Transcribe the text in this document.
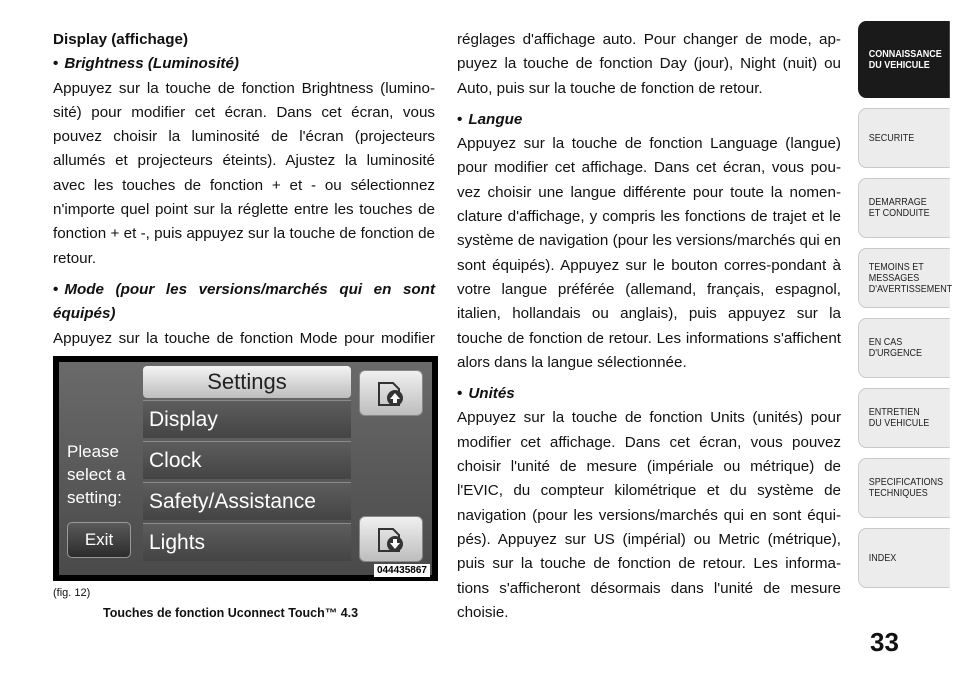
Display (affichage)

• Brightness (Luminosité)

Appuyez sur la touche de fonction Brightness (lumino-sité) pour modifier cet écran. Dans cet écran, vous pouvez choisir la luminosité de l'écran (projecteurs allumés et projecteurs éteints). Ajustez la luminosité avec les touches de fonction + et - ou sélectionnez n'importe quel point sur la réglette entre les touches de fonction + et -, puis appuyez sur la touche de fonction de retour.

• Mode (pour les versions/marchés qui en sont équipés)

Appuyez sur la touche de fonction Mode pour modifier

réglages d'affichage auto. Pour changer de mode, ap-puyez la touche de fonction Day (jour), Night (nuit) ou Auto, puis sur la touche de fonction de retour.

• Langue

Appuyez sur la touche de fonction Language (langue) pour modifier cet affichage. Dans cet écran, vous pou-vez choisir une langue différente pour toute la nomen-clature d'affichage, y compris les fonctions de trajet et le système de navigation (pour les versions/marchés qui en sont équipés). Appuyez sur le bouton corres-pondant à votre langue préférée (allemand, français, espagnol, italien, hollandais ou anglais), puis appuyez sur la touche de fonction de retour. Les informations s'affichent alors dans la langue sélectionnée.

• Unités

Appuyez sur la touche de fonction Units (unités) pour modifier cet affichage. Dans cet écran, vous pouvez choisir l'unité de mesure (impériale ou métrique) de l'EVIC, du compteur kilométrique et du système de navigation (pour les versions/marchés qui en sont équi-pés). Appuyez sur US (impérial) ou Metric (métrique), puis sur la touche de fonction de retour. Les informa-tions s'afficheront désormais dans l'unité de mesure choisie.

Settings
Display
Clock
Safety/Assistance
Lights
Please select a setting:
Exit
044435867
(fig. 12)
Touches de fonction Uconnect Touch™ 4.3
CONNAISSANCE
DU VEHICULE
SECURITE
DEMARRAGE
ET CONDUITE
TEMOINS ET
MESSAGES
D'AVERTISSEMENT
EN CAS
D'URGENCE
ENTRETIEN
DU VEHICULE
SPECIFICATIONS
TECHNIQUES
INDEX
33
